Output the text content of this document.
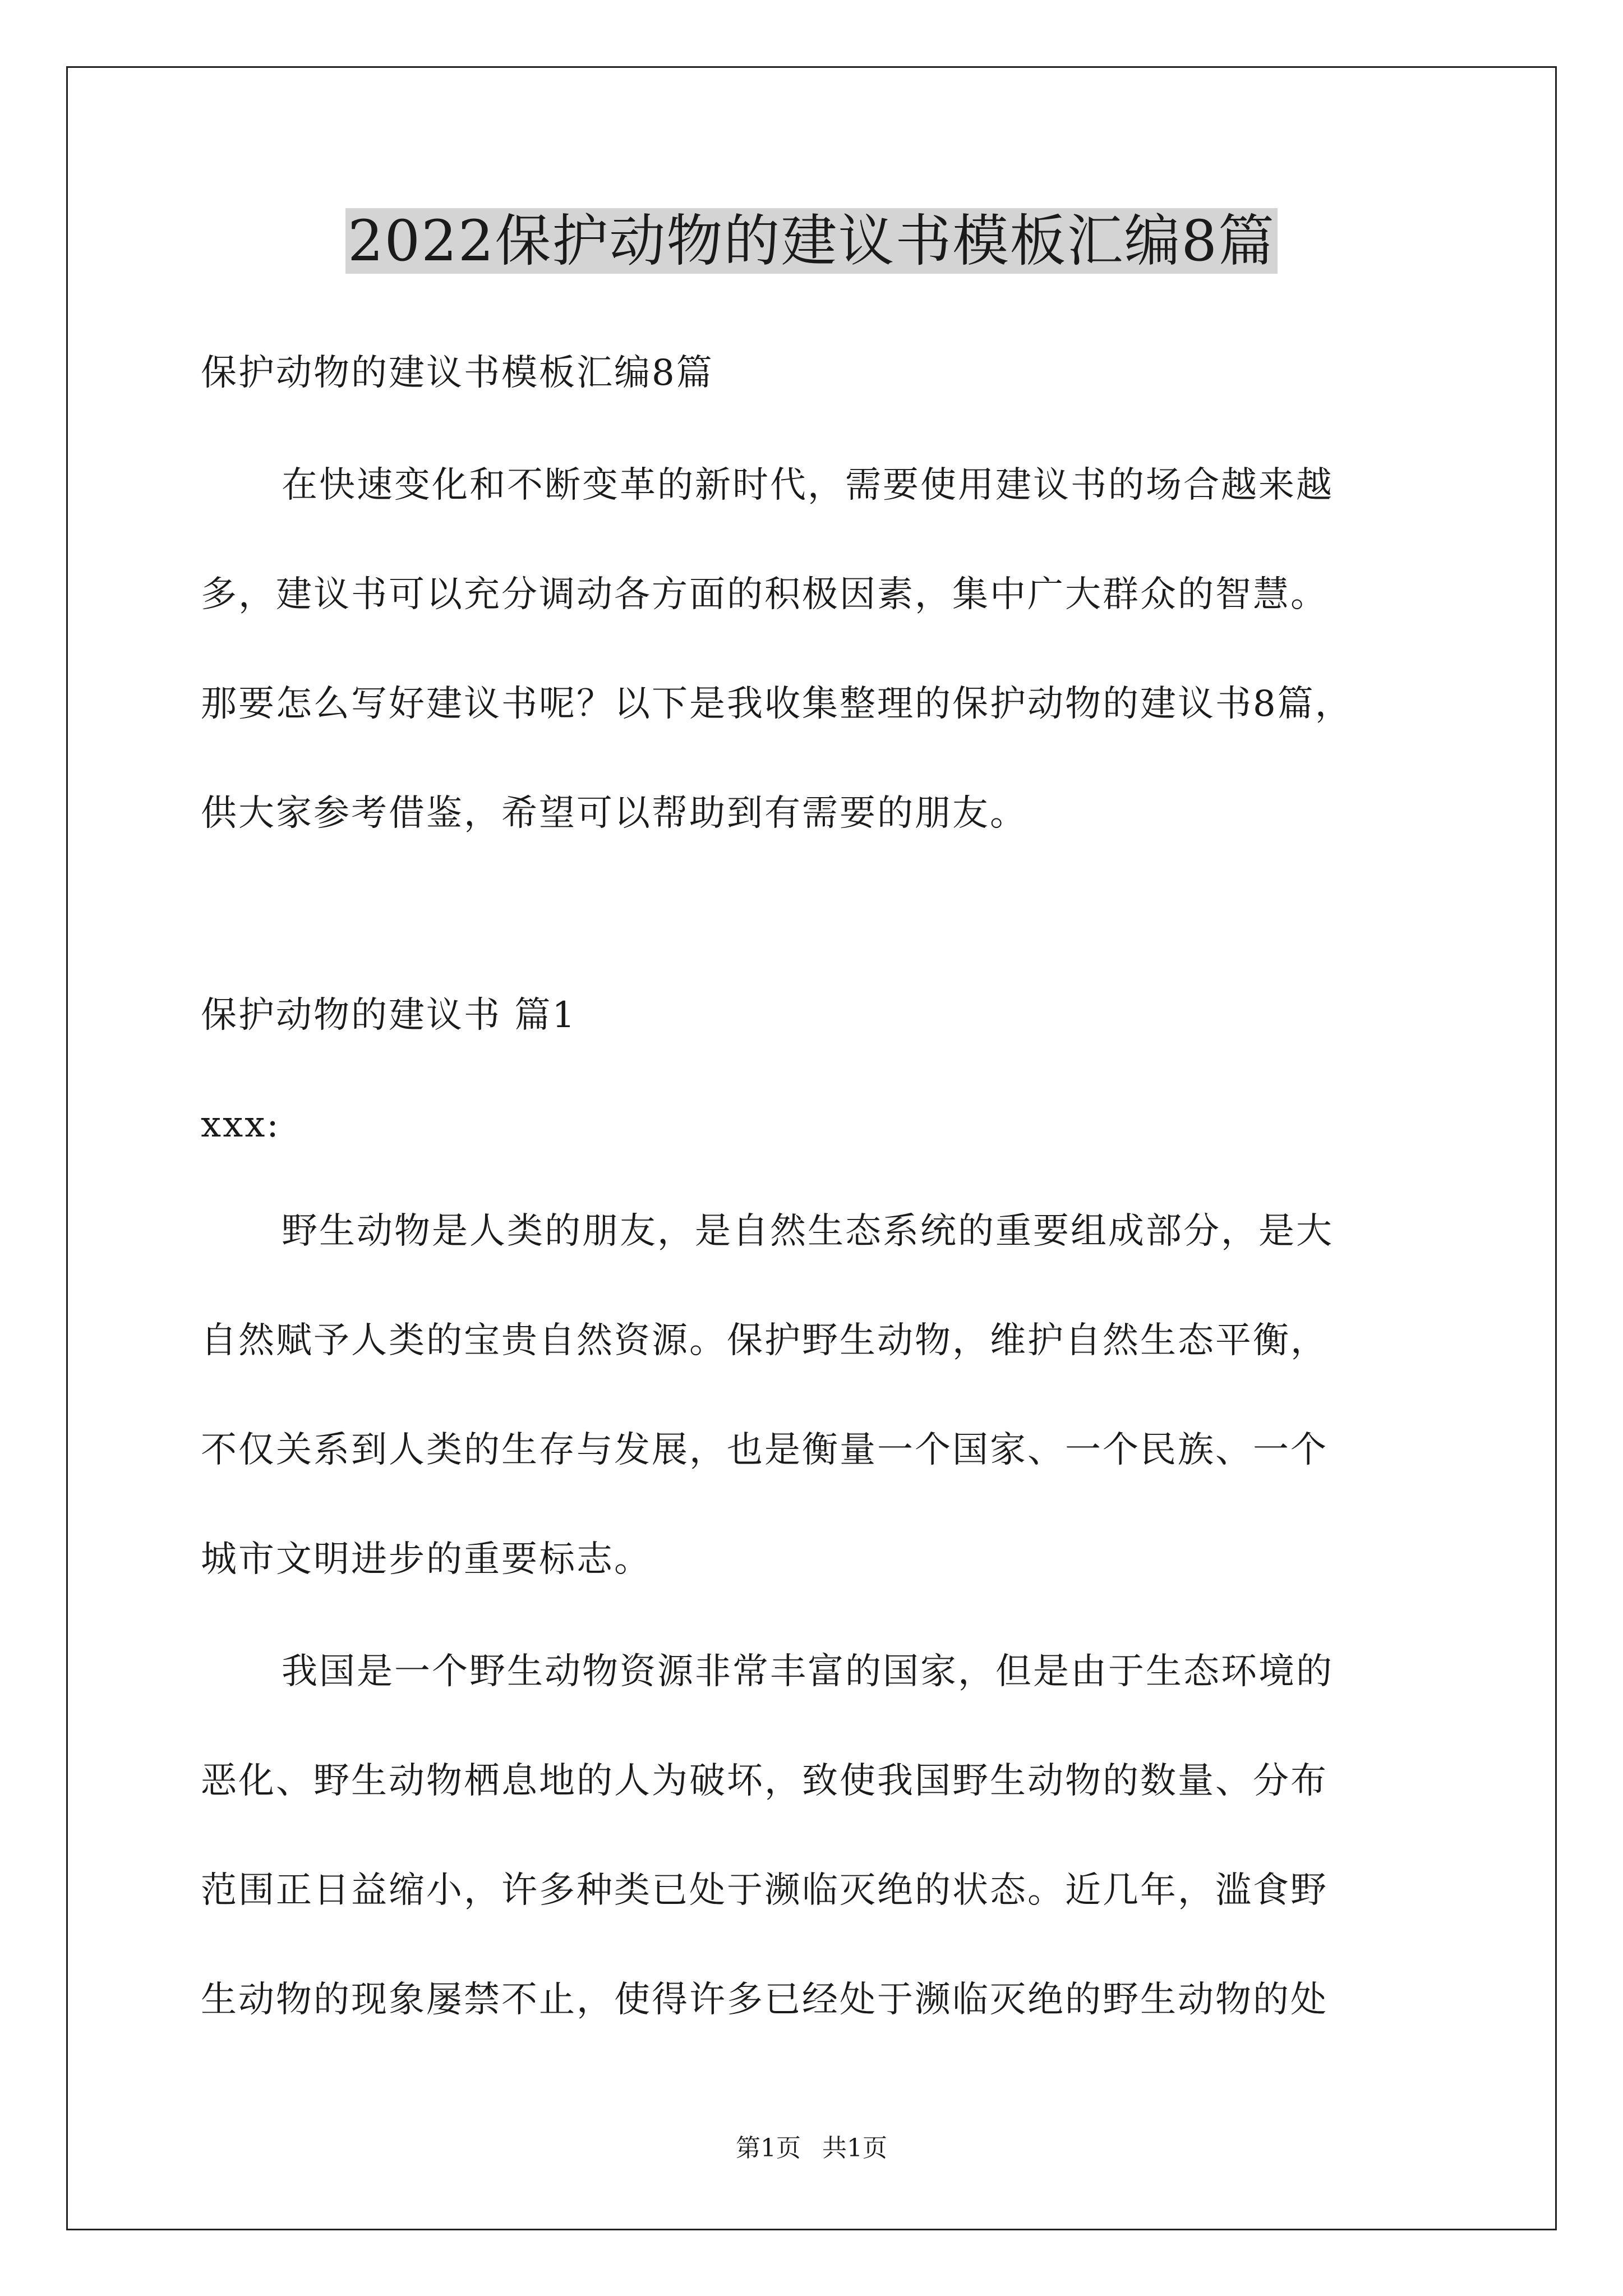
2022保护动物的建议书模板汇编8篇
保护动物的建议书模板汇编8篇
在快速变化和不断变革的新时代，需要使用建议书的场合越来越
多，建议书可以充分调动各方面的积极因素，集中广大群众的智慧。
那要怎么写好建议书呢？以下是我收集整理的保护动物的建议书8篇，
供大家参考借鉴，希望可以帮助到有需要的朋友。
保护动物的建议书 篇1
xxx:
野生动物是人类的朋友，是自然生态系统的重要组成部分，是大
自然赋予人类的宝贵自然资源。保护野生动物，维护自然生态平衡，
不仅关系到人类的生存与发展，也是衡量一个国家、一个民族、一个
城市文明进步的重要标志。
我国是一个野生动物资源非常丰富的国家，但是由于生态环境的
恶化、野生动物栖息地的人为破坏，致使我国野生动物的数量、分布
范围正日益缩小，许多种类已处于濒临灭绝的状态。近几年，滥食野
生动物的现象屡禁不止，使得许多已经处于濒临灭绝的野生动物的处
第1页 共1页
